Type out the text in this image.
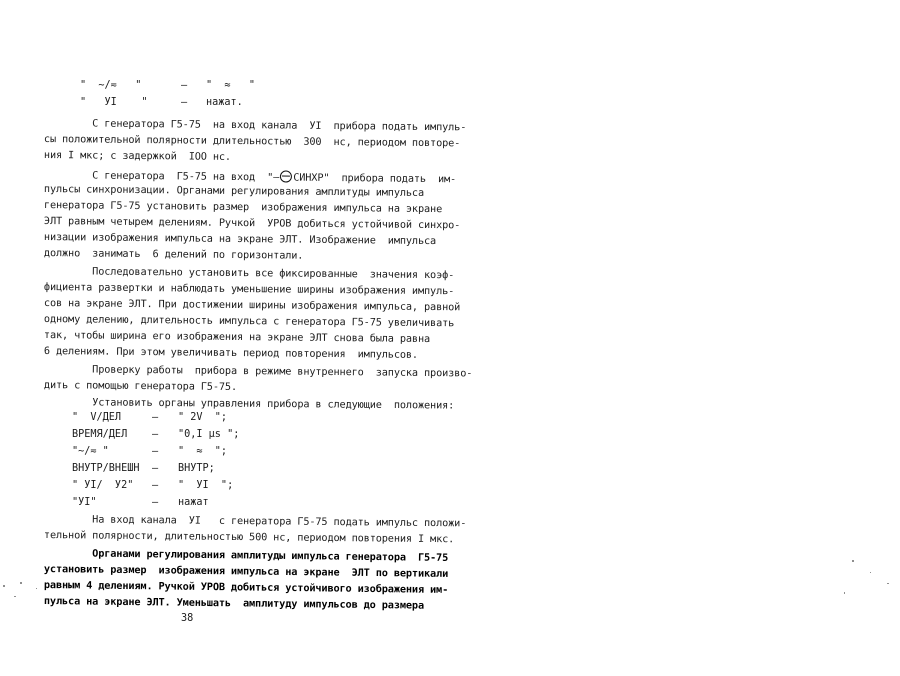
"  ~/≂   "	– "  ≈   "
"   УI    "	– нажат.
С генератора Г5-75  на вход канала  УI  прибора подать импуль-
сы положительной полярности длительностью  300  нс, периодом повторе-
ния I мкс; с задержкой  IOO нс.
С генератора  Г5-75 на вход  "– СИНХР"  прибора подать  им-
пульсы синхронизации. Органами регулирования амплитуды импульса
генератора Г5-75 установить размер  изображения импульса на экране
ЭЛТ равным четырем делениям. Ручкой  УРОВ добиться устойчивой синхро-
низации изображения импульса на экране ЭЛТ. Изображение  импульса
должно  занимать  6 делений по горизонтали.
Последовательно установить все фиксированные  значения коэф-
фициента развертки и наблюдать уменьшение ширины изображения импуль-
сов на экране ЭЛТ. При достижении ширины изображения импульса, равной
одному делению, длительность импульса с генератора Г5-75 увеличивать
так, чтобы ширина его изображения на экране ЭЛТ снова была равна
6 делениям. При этом увеличивать период повторения  импульсов.
Проверку работы  прибора в режиме внутреннего  запуска произво-
дить с помощью генератора Г5-75.
Установить органы управления прибора в следующие  положения:
"  V/ДЕЛ	– " 2V  ";
ВРЕМЯ/ДЕЛ – "0,I μs ";
"~/≂ "	– "  ≈  ";
ВНУТР/ВНЕШН – ВНУТР;
" УI/  У2" – "  УI  ";
"УI"	– нажат
На вход канала  УI   с генератора Г5-75 подать импульс положи-
тельной полярности, длительностью 500 нс, периодом повторения I мкс.
Органами регулирования амплитуды импульса генератора  Г5-75
установить размер  изображения импульса на экране  ЭЛТ по вертикали
равным 4 делениям. Ручкой УРОВ добиться устойчивого изображения им-
пульса на экране ЭЛТ. Уменьшать  амплитуду импульсов до размера
38
